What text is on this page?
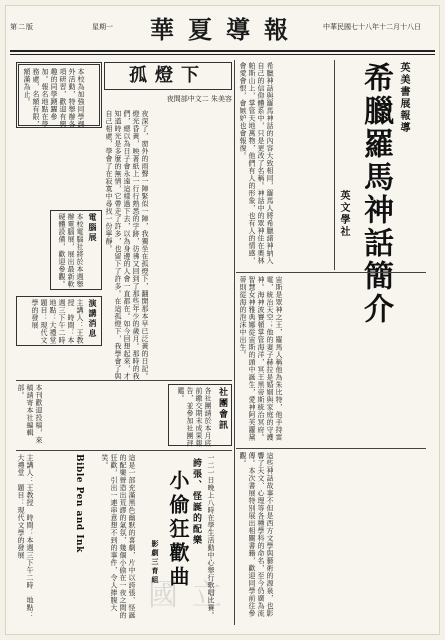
第二版	星期一 華夏導報	中華民國七十八年十二月十八日
英美書展報導
希臘羅馬神話簡介
英文學社
希臘神話與羅馬神話的內容大致相同，羅馬人將希臘諸神納入自己的信仰體系中，只是更改了名稱。神話中的眾神住在奧林帕斯山上，掌管天地萬物，他們有人的形象，也有人的情感，會愛會恨，會嫉妒也會報復。
宙斯是眾神之王，羅馬人稱他為朱比特，他手持雷電，統治天空；他的妻子赫拉是婚姻與家庭的守護神。海神波賽頓掌管海洋，冥王黑帝斯統治冥府。智慧女神雅典娜從宙斯的頭中誕生，愛神阿芙蘿黛蒂則從海的泡沫中出生。
這些神話故事不但是西方文學與藝術的源泉，也影響了天文、心理等各種學科的命名，至今仍廣為流傳。本次書展特別展出相關書籍，歡迎同學前往參觀。
孤燈下
夜間部中文二 朱美容
夜深了，窗外的雨聲一陣緊似一陣，我獨坐在孤燈下，翻開那本早已泛黃的日記。燈光昏黃，映著紙上一行行熟悉的字跡，彷彿又回到了那些年少的歲月。那時的我們，總以為日子會永遠這樣過下去，以為身邊的人會一直都在。如今回想起來，才知道時光是多麼的無情，它帶走了許多，也留下了許多。在這孤燈下，我學會了與自己相處，學會了在寂寞中尋找一份寧靜。
本校為加強同學課外活動，特舉辦各項研習，歡迎有興趣的同學踴躍參加。報名地點在學務處，名額有限，額滿為止。
電腦展
本校電腦社將於本週舉辦電腦展，展出最新軟硬體設備，歡迎參觀。
演講消息
主講人：王教授　時間：本週三下午二時　地點：大禮堂　題目：現代文學的發展
社團會訊
各社團請於本月底前繳交期末成果報告，並參加社團評鑑。
本刊歡迎投稿，來稿請寄本社編輯部。
一二一日晚上八時在學生活動中心舉行歌唱比賽。
誇張、怪誕的配樂
小偷狂歡曲
影劇三育組
這是一部充滿黑色幽默的喜劇，片中以誇張、怪誕的配樂營造出荒謬的氣氛，幾個小偷在一夜之間的狂歡，引出一連串意想不到的事件，令人捧腹大笑。
Bible Pen and Ink
主講人：王教授　時間：本週三下午二時　地點：大禮堂　題目：現代文學的發展
國立
